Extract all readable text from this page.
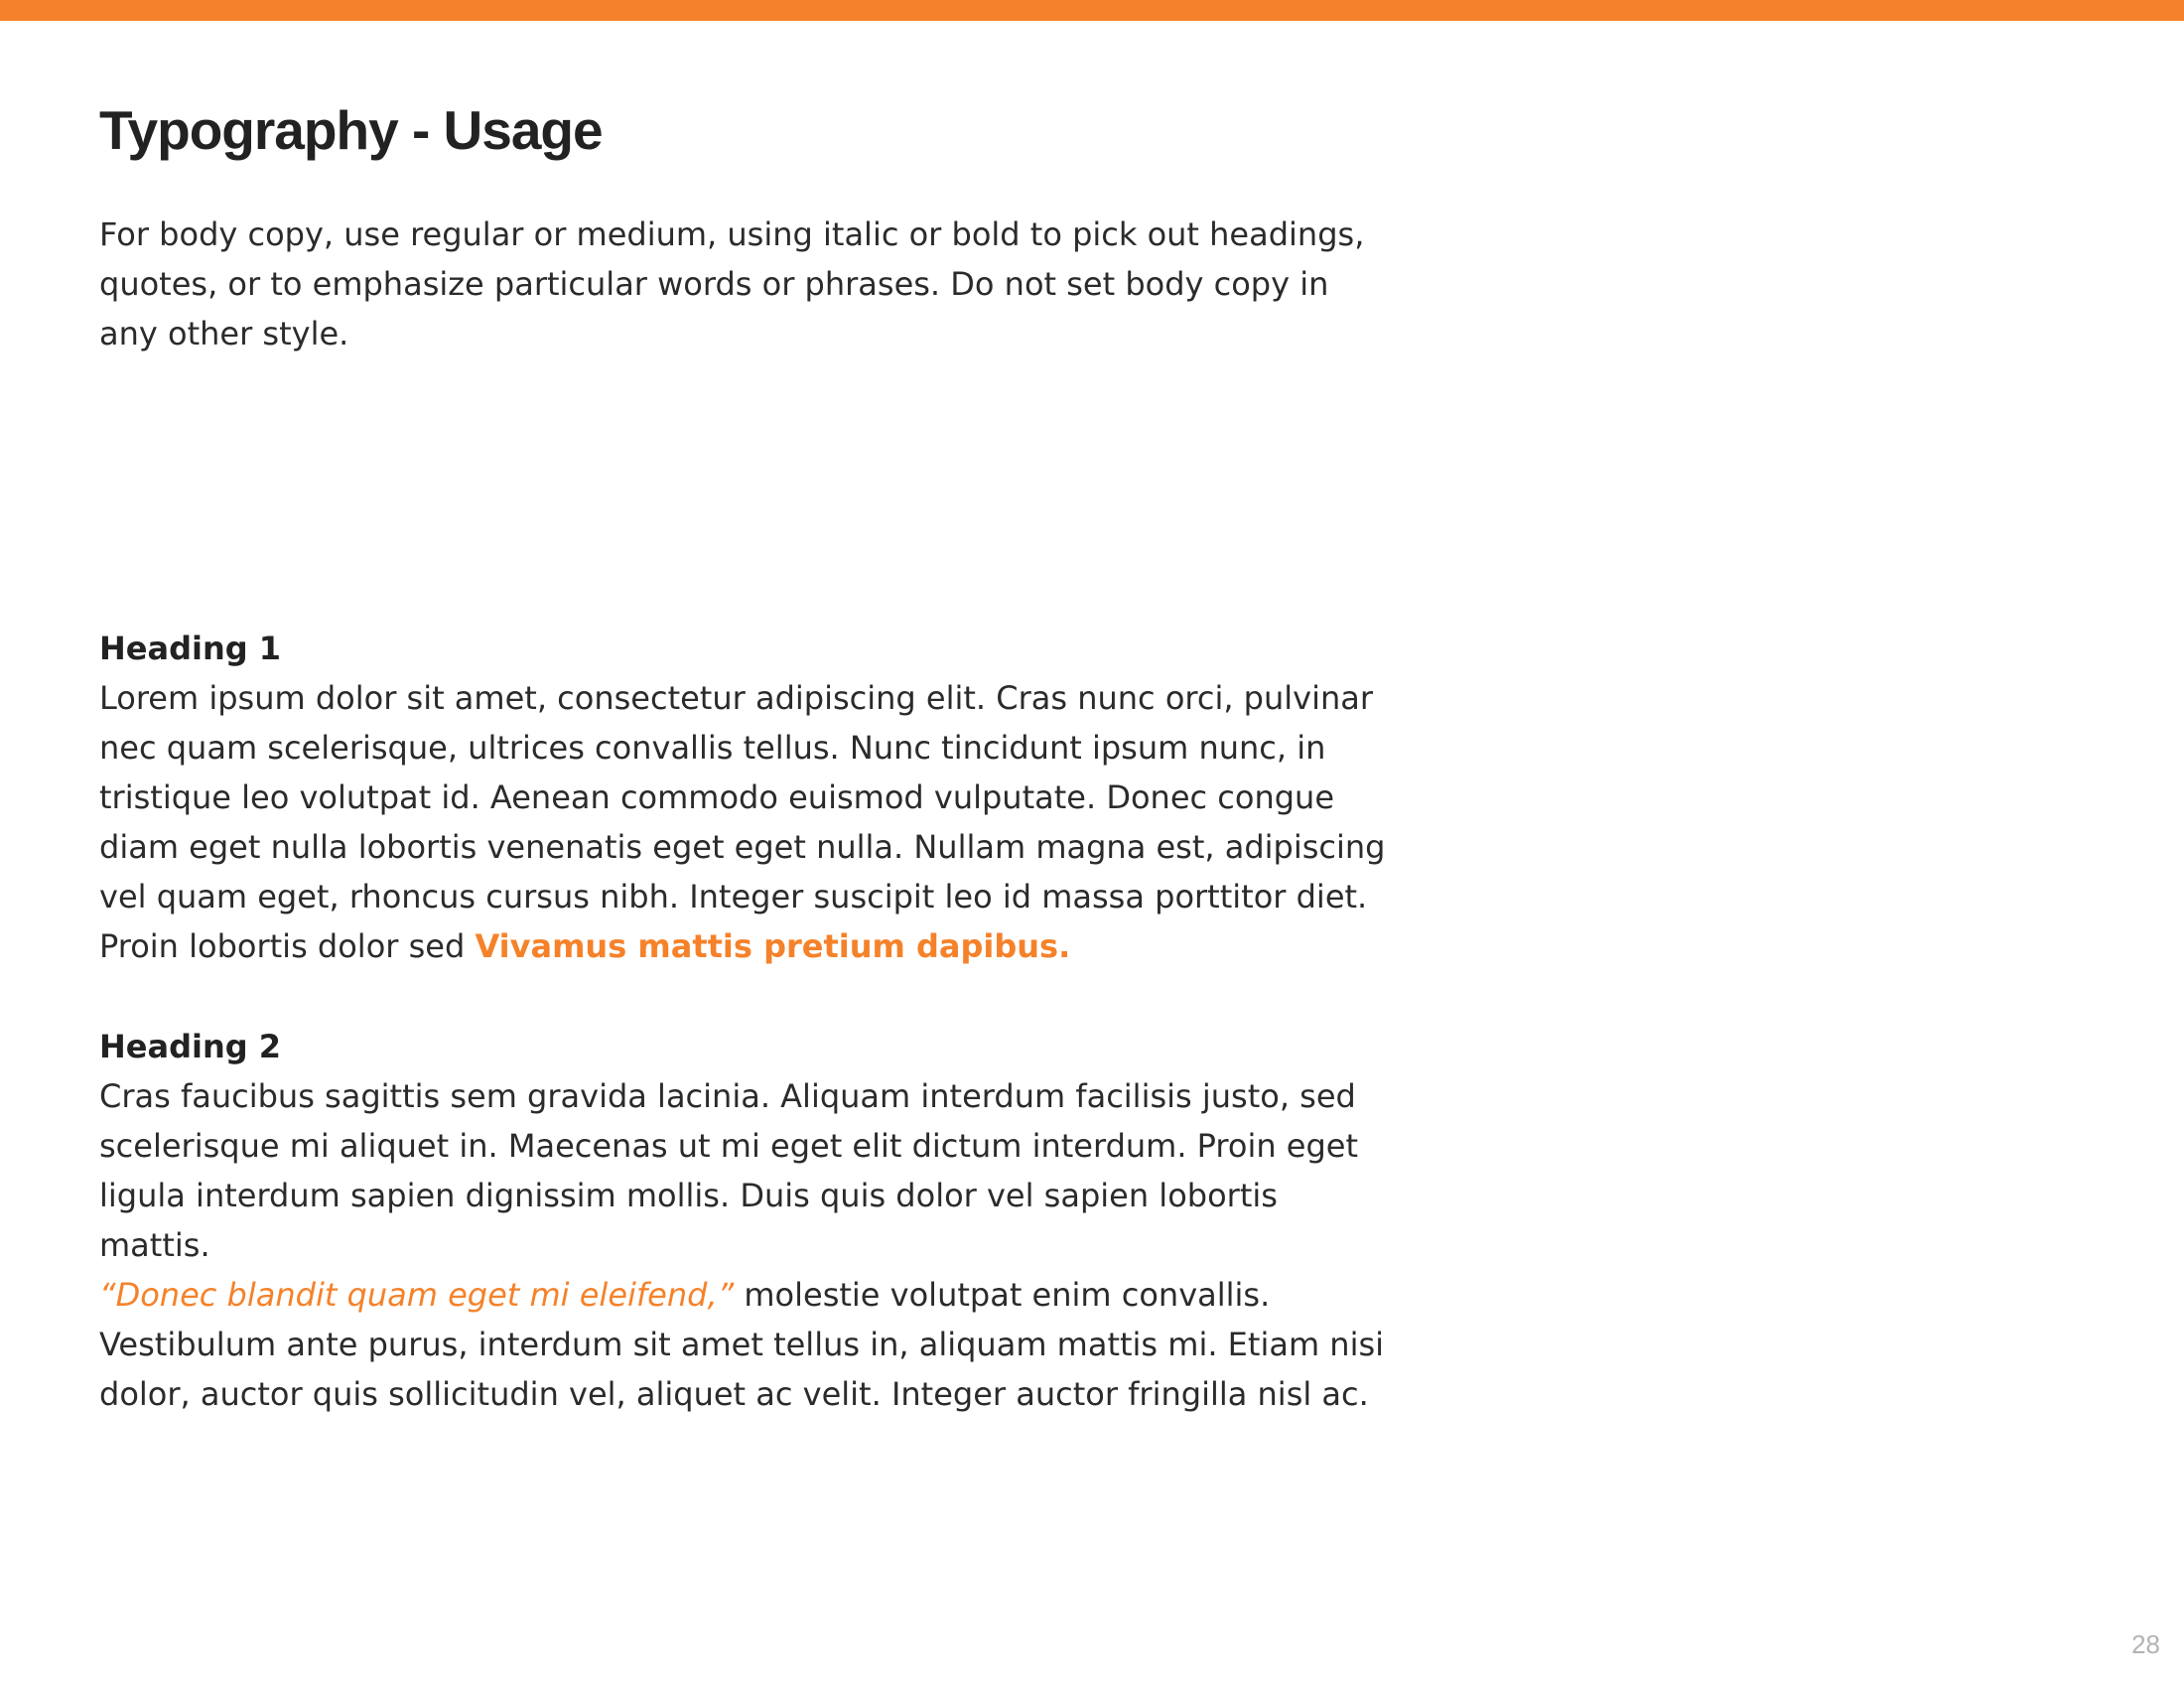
Typography - Usage

For body copy, use regular or medium, using italic or bold to pick out headings, quotes, or to emphasize particular words or phrases. Do not set body copy in any other style.

Heading 1

Lorem ipsum dolor sit amet, consectetur adipiscing elit. Cras nunc orci, pulvinar
nec quam scelerisque, ultrices convallis tellus. Nunc tincidunt ipsum nunc, in
tristique leo volutpat id. Aenean commodo euismod vulputate. Donec congue
diam eget nulla lobortis venenatis eget eget nulla. Nullam magna est, adipiscing
vel quam eget, rhoncus cursus nibh. Integer suscipit leo id massa porttitor diet.
Proin lobortis dolor sed Vivamus mattis pretium dapibus.

Heading 2

Cras faucibus sagittis sem gravida lacinia. Aliquam interdum facilisis justo, sed
scelerisque mi aliquet in. Maecenas ut mi eget elit dictum interdum. Proin eget
ligula interdum sapien dignissim mollis. Duis quis dolor vel sapien lobortis mattis.
“Donec blandit quam eget mi eleifend,” molestie volutpat enim convallis.
Vestibulum ante purus, interdum sit amet tellus in, aliquam mattis mi. Etiam nisi
dolor, auctor quis sollicitudin vel, aliquet ac velit. Integer auctor fringilla nisl ac.

28
